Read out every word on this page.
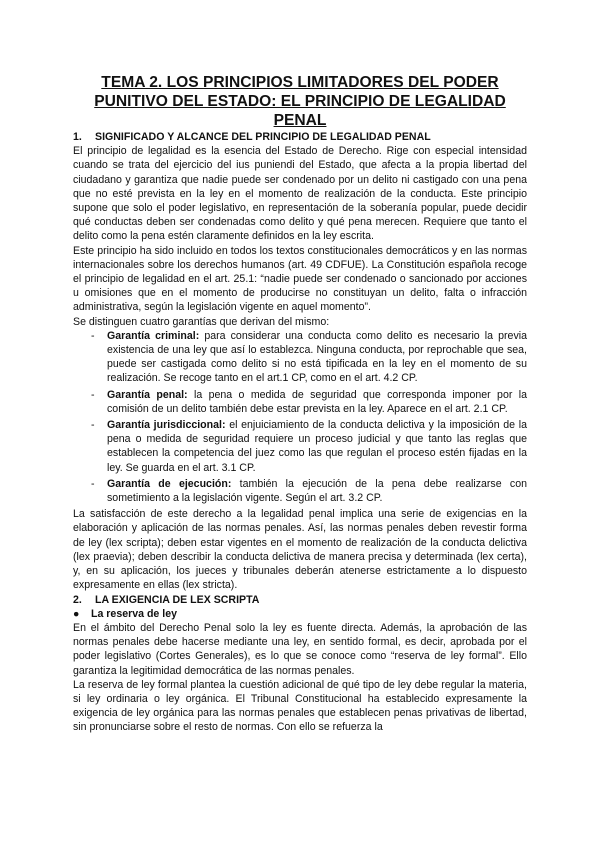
TEMA 2. LOS PRINCIPIOS LIMITADORES DEL PODER PUNITIVO DEL ESTADO: EL PRINCIPIO DE LEGALIDAD PENAL

1. SIGNIFICADO Y ALCANCE DEL PRINCIPIO DE LEGALIDAD PENAL

El principio de legalidad es la esencia del Estado de Derecho. Rige con especial intensidad cuando se trata del ejercicio del ius puniendi del Estado, que afecta a la propia libertad del ciudadano y garantiza que nadie puede ser condenado por un delito ni castigado con una pena que no esté prevista en la ley en el momento de realización de la conducta. Este principio supone que solo el poder legislativo, en representación de la soberanía popular, puede decidir qué conductas deben ser condenadas como delito y qué pena merecen. Requiere que tanto el delito como la pena estén claramente definidos en la ley escrita.

Este principio ha sido incluido en todos los textos constitucionales democráticos y en las normas internacionales sobre los derechos humanos (art. 49 CDFUE). La Constitución española recoge el principio de legalidad en el art. 25.1: “nadie puede ser condenado o sancionado por acciones u omisiones que en el momento de producirse no constituyan un delito, falta o infracción administrativa, según la legislación vigente en aquel momento”.

Se distinguen cuatro garantías que derivan del mismo:

- Garantía criminal: para considerar una conducta como delito es necesario la previa existencia de una ley que así lo establezca. Ninguna conducta, por reprochable que sea, puede ser castigada como delito si no está tipificada en la ley en el momento de su realización. Se recoge tanto en el art.1 CP, como en el art. 4.2 CP.
- Garantía penal: la pena o medida de seguridad que corresponda imponer por la comisión de un delito también debe estar prevista en la ley. Aparece en el art. 2.1 CP.
- Garantía jurisdiccional: el enjuiciamiento de la conducta delictiva y la imposición de la pena o medida de seguridad requiere un proceso judicial y que tanto las reglas que establecen la competencia del juez como las que regulan el proceso estén fijadas en la ley. Se guarda en el art. 3.1 CP.
- Garantía de ejecución: también la ejecución de la pena debe realizarse con sometimiento a la legislación vigente. Según el art. 3.2 CP.

La satisfacción de este derecho a la legalidad penal implica una serie de exigencias en la elaboración y aplicación de las normas penales. Así, las normas penales deben revestir forma de ley (lex scripta); deben estar vigentes en el momento de realización de la conducta delictiva (lex praevia); deben describir la conducta delictiva de manera precisa y determinada (lex certa), y, en su aplicación, los jueces y tribunales deberán atenerse estrictamente a lo dispuesto expresamente en ellas (lex stricta).

2. LA EXIGENCIA DE LEX SCRIPTA

● La reserva de ley

En el ámbito del Derecho Penal solo la ley es fuente directa. Además, la aprobación de las normas penales debe hacerse mediante una ley, en sentido formal, es decir, aprobada por el poder legislativo (Cortes Generales), es lo que se conoce como “reserva de ley formal”. Ello garantiza la legitimidad democrática de las normas penales.

La reserva de ley formal plantea la cuestión adicional de qué tipo de ley debe regular la materia, si ley ordinaria o ley orgánica. El Tribunal Constitucional ha establecido expresamente la exigencia de ley orgánica para las normas penales que establecen penas privativas de libertad, sin pronunciarse sobre el resto de normas. Con ello se refuerza la
